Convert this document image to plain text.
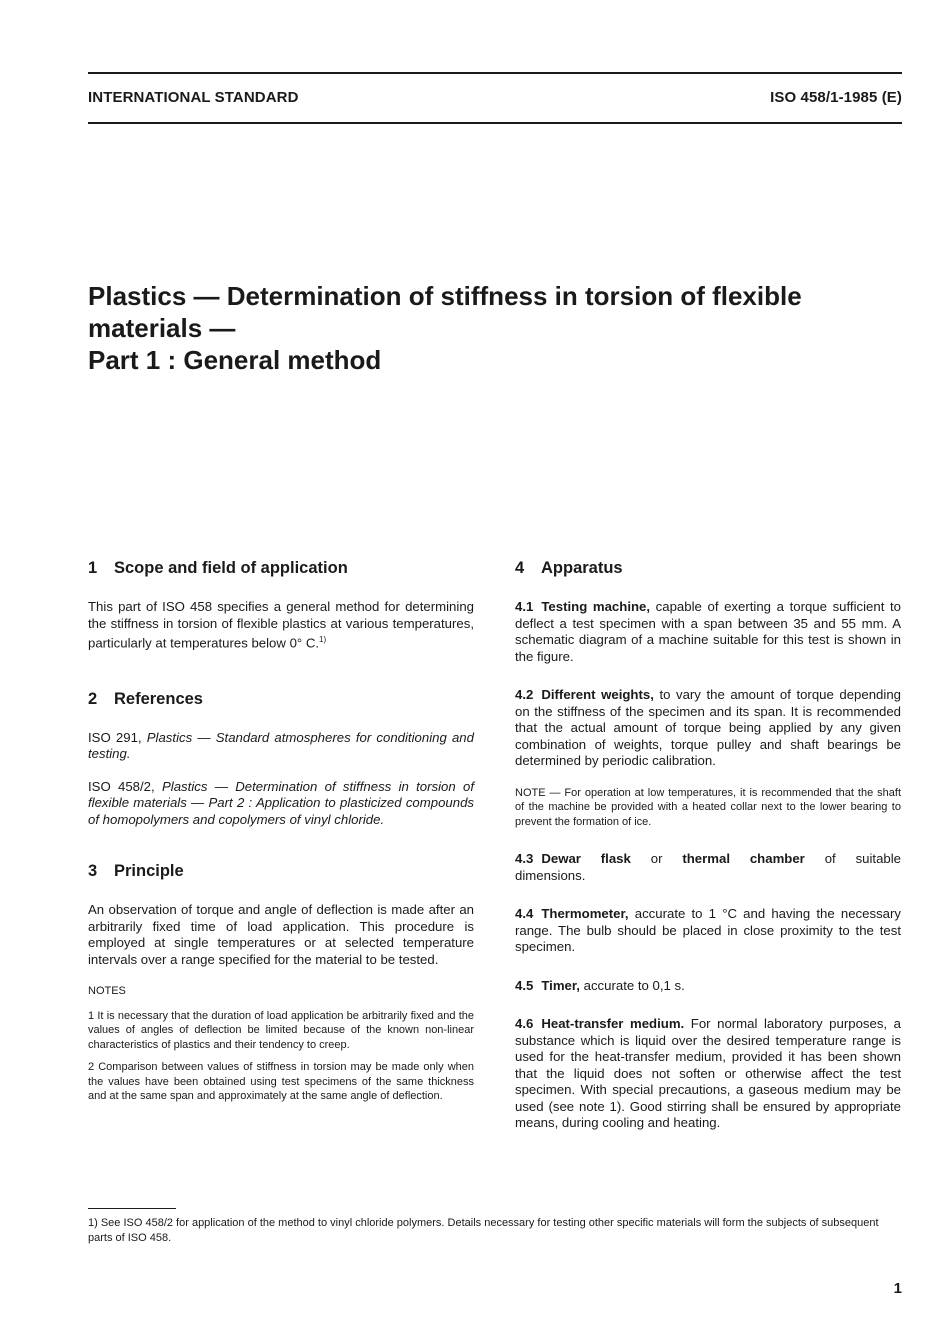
INTERNATIONAL STANDARD	ISO 458/1-1985 (E)
Plastics — Determination of stiffness in torsion of flexible
materials —
Part 1 : General method
1 Scope and field of application

This part of ISO 458 specifies a general method for determining the stiffness in torsion of flexible plastics at various temperatures, particularly at temperatures below 0° C.$^{1)}$

2 References

ISO 291, Plastics — Standard atmospheres for conditioning and testing.

ISO 458/2, Plastics — Determination of stiffness in torsion of flexible materials — Part 2 : Application to plasticized compounds of homopolymers and copolymers of vinyl chloride.

3 Principle

An observation of torque and angle of deflection is made after an arbitrarily fixed time of load application. This procedure is employed at single temperatures or at selected temperature intervals over a range specified for the material to be tested.

NOTES
1 It is necessary that the duration of load application be arbitrarily fixed and the values of angles of deflection be limited because of the known non-linear characteristics of plastics and their tendency to creep.
2 Comparison between values of stiffness in torsion may be made only when the values have been obtained using test specimens of the same thickness and at the same span and approximately at the same angle of deflection.
4 Apparatus

4.1 Testing machine, capable of exerting a torque sufficient to deflect a test specimen with a span between 35 and 55 mm. A schematic diagram of a machine suitable for this test is shown in the figure.

4.2 Different weights, to vary the amount of torque depending on the stiffness of the specimen and its span. It is recommended that the actual amount of torque being applied by any given combination of weights, torque pulley and shaft bearings be determined by periodic calibration.

NOTE — For operation at low temperatures, it is recommended that the shaft of the machine be provided with a heated collar next to the lower bearing to prevent the formation of ice.

4.3 Dewar flask or thermal chamber of suitable dimensions.

4.4 Thermometer, accurate to 1 °C and having the necessary range. The bulb should be placed in close proximity to the test specimen.

4.5 Timer, accurate to 0,1 s.

4.6 Heat-transfer medium. For normal laboratory purposes, a substance which is liquid over the desired temperature range is used for the heat-transfer medium, provided it has been shown that the liquid does not soften or otherwise affect the test specimen. With special precautions, a gaseous medium may be used (see note 1). Good stirring shall be ensured by appropriate means, during cooling and heating.

1) See ISO 458/2 for application of the method to vinyl chloride polymers. Details necessary for testing other specific materials will form the subjects of subsequent parts of ISO 458.
1
